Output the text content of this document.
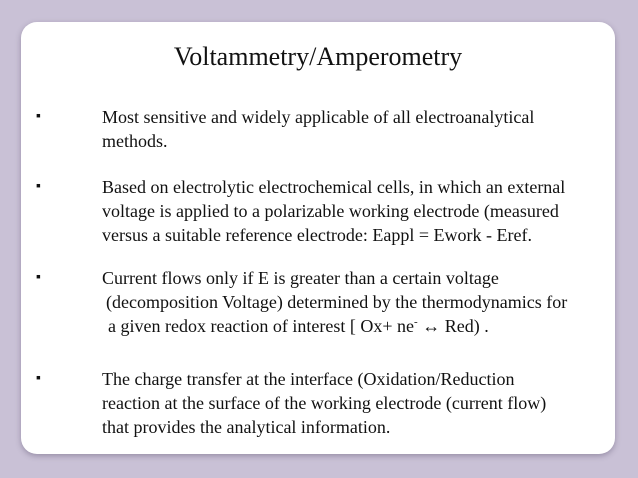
Voltammetry/Amperometry
▪	Most sensitive and widely applicable of all electroanalytical
methods.
▪	Based on electrolytic electrochemical cells, in which an external
voltage is applied to a polarizable working electrode (measured
versus a suitable reference electrode: Eappl = Ework - Eref.
▪	Current flows only if E is greater than a certain voltage
(decomposition Voltage) determined by the thermodynamics for
a given redox reaction of interest [ Ox+ ne- ↔ Red) .
▪	The charge transfer at the interface (Oxidation/Reduction
reaction at the surface of the working electrode (current flow)
that provides the analytical information.
